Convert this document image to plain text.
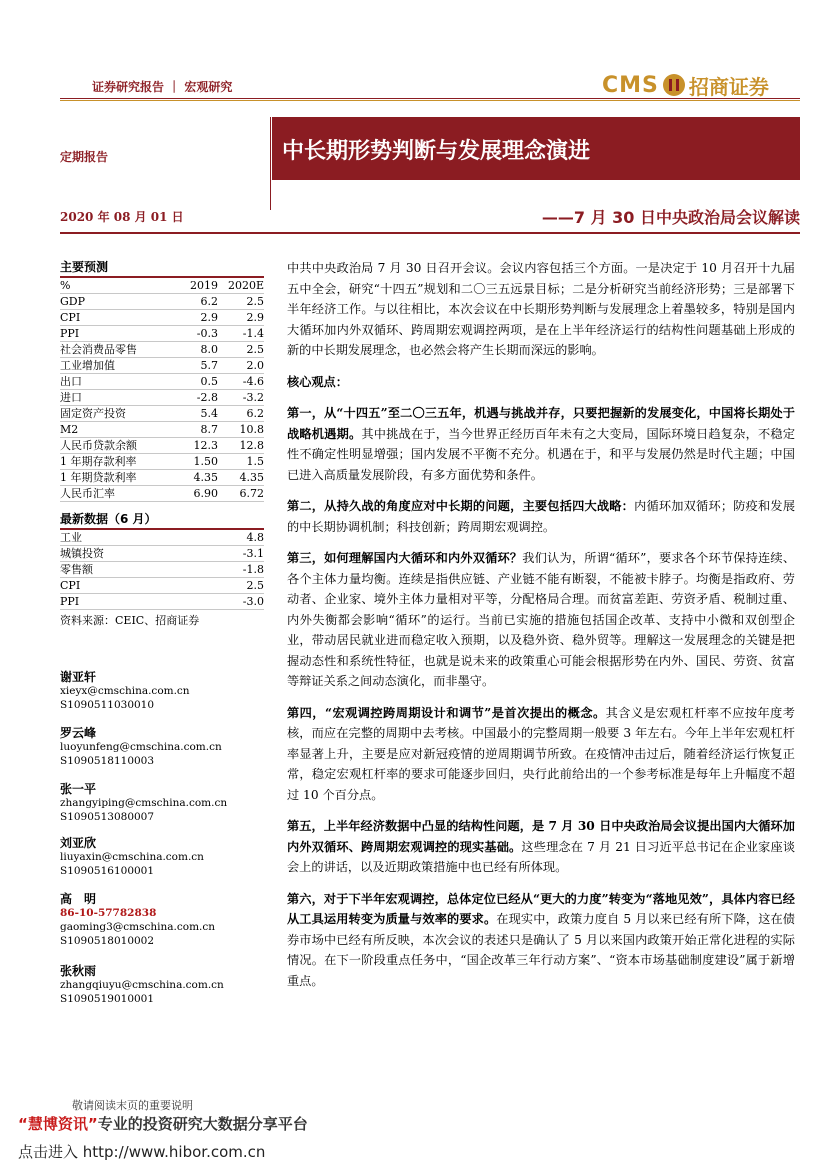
证券研究报告 ｜ 宏观研究	CMS 招商证券
定期报告	中长期形势判断与发展理念演进
2020 年 08 月 01 日	——7 月 30 日中央政治局会议解读
主要预测
%	2019 2020E
GDP	6.2	2.5
CPI	2.9	2.9
PPI	-0.3	-1.4
社会消费品零售	8.0	2.5
工业增加值	5.7	2.0
出口	0.5	-4.6
进口	-2.8	-3.2
固定资产投资	5.4	6.2
M2	8.7	10.8
人民币贷款余额	12.3	12.8
1 年期存款利率	1.50	1.5
1 年期贷款利率	4.35	4.35
人民币汇率	6.90	6.72
最新数据（6 月）
工业	4.8
城镇投资	-3.1
零售额	-1.8
CPI	2.5
PPI	-3.0
资料来源：CEIC、招商证券
谢亚轩
xieyx@cmschina.com.cn
S1090511030010
罗云峰
luoyunfeng@cmschina.com.cn
S1090518110003
张一平
zhangyiping@cmschina.com.cn
S1090513080007
刘亚欣
liuyaxin@cmschina.com.cn
S1090516100001
高　明
86-10-57782838
gaoming3@cmschina.com.cn
S1090518010002
张秋雨
zhangqiuyu@cmschina.com.cn
S1090519010001

中共中央政治局 7 月 30 日召开会议。会议内容包括三个方面。一是决定于 10 月召开十九届五中全会，研究“十四五”规划和二〇三五远景目标；二是分析研究当前经济形势；三是部署下半年经济工作。与以往相比，本次会议在中长期形势判断与发展理念上着墨较多，特别是国内大循环加内外双循环、跨周期宏观调控两项，是在上半年经济运行的结构性问题基础上形成的新的中长期发展理念，也必然会将产生长期而深远的影响。

核心观点：

第一，从“十四五”至二〇三五年，机遇与挑战并存，只要把握新的发展变化，中国将长期处于战略机遇期。其中挑战在于，当今世界正经历百年未有之大变局，国际环境日趋复杂，不稳定性不确定性明显增强；国内发展不平衡不充分。机遇在于，和平与发展仍然是时代主题；中国已进入高质量发展阶段，有多方面优势和条件。

第二，从持久战的角度应对中长期的问题，主要包括四大战略：内循环加双循环；防疫和发展的中长期协调机制；科技创新；跨周期宏观调控。

第三，如何理解国内大循环和内外双循环？我们认为，所谓“循环”，要求各个环节保持连续、各个主体力量均衡。连续是指供应链、产业链不能有断裂，不能被卡脖子。均衡是指政府、劳动者、企业家、境外主体力量相对平等，分配格局合理。而贫富差距、劳资矛盾、税制过重、内外失衡都会影响“循环”的运行。当前已实施的措施包括国企改革、支持中小微和双创型企业，带动居民就业进而稳定收入预期，以及稳外资、稳外贸等。理解这一发展理念的关键是把握动态性和系统性特征，也就是说未来的政策重心可能会根据形势在内外、国民、劳资、贫富等辩证关系之间动态演化，而非墨守。

第四，“宏观调控跨周期设计和调节”是首次提出的概念。其含义是宏观杠杆率不应按年度考核，而应在完整的周期中去考核。中国最小的完整周期一般要 3 年左右。今年上半年宏观杠杆率显著上升，主要是应对新冠疫情的逆周期调节所致。在疫情冲击过后，随着经济运行恢复正常，稳定宏观杠杆率的要求可能逐步回归，央行此前给出的一个参考标准是每年上升幅度不超过 10 个百分点。

第五，上半年经济数据中凸显的结构性问题，是 7 月 30 日中央政治局会议提出国内大循环加内外双循环、跨周期宏观调控的现实基础。这些理念在 7 月 21 日习近平总书记在企业家座谈会上的讲话，以及近期政策措施中也已经有所体现。

第六，对于下半年宏观调控，总体定位已经从“更大的力度”转变为“落地见效”，具体内容已经从工具运用转变为质量与效率的要求。在现实中，政策力度自 5 月以来已经有所下降，这在债券市场中已经有所反映，本次会议的表述只是确认了 5 月以来国内政策开始正常化进程的实际情况。在下一阶段重点任务中，“国企改革三年行动方案”、“资本市场基础制度建设”属于新增重点。

敬请阅读末页的重要说明
“慧博资讯”专业的投资研究大数据分享平台
点击进入 http://www.hibor.com.cn
